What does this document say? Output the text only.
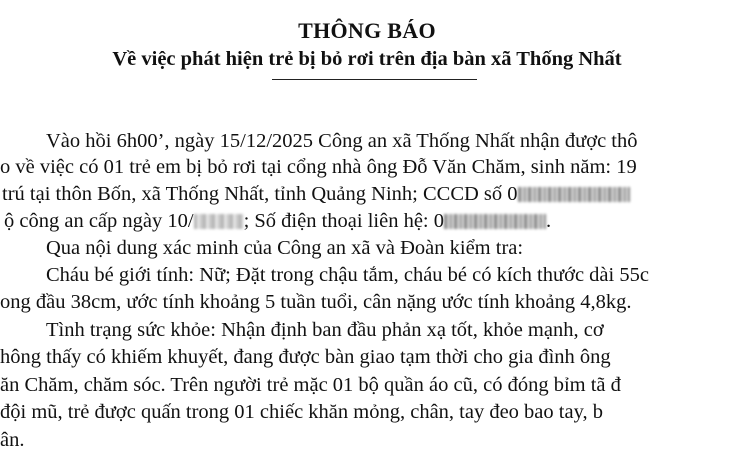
THÔNG BÁO
Về việc phát hiện trẻ bị bỏ rơi trên địa bàn xã Thống Nhất
Vào hồi 6h00’, ngày 15/12/2025 Công an xã Thống Nhất nhận được thô
o về việc có 01 trẻ em bị bỏ rơi tại cổng nhà ông Đỗ Văn Chăm, sinh năm: 19
trú tại thôn Bốn, xã Thống Nhất, tỉnh Quảng Ninh; CCCD số 0
ộ công an cấp ngày 10/ ; Số điện thoại liên hệ: 0	.
Qua nội dung xác minh của Công an xã và Đoàn kiểm tra:
Cháu bé giới tính: Nữ; Đặt trong chậu tắm, cháu bé có kích thước dài 55c
ong đầu 38cm, ước tính khoảng 5 tuần tuổi, cân nặng ước tính khoảng 4,8kg.
Tình trạng sức khỏe: Nhận định ban đầu phản xạ tốt, khỏe mạnh, cơ
hông thấy có khiếm khuyết, đang được bàn giao tạm thời cho gia đình ông
ăn Chăm, chăm sóc. Trên người trẻ mặc 01 bộ quần áo cũ, có đóng bỉm tã đ
đội mũ, trẻ được quấn trong 01 chiếc khăn mỏng, chân, tay đeo bao tay, b
ân.
